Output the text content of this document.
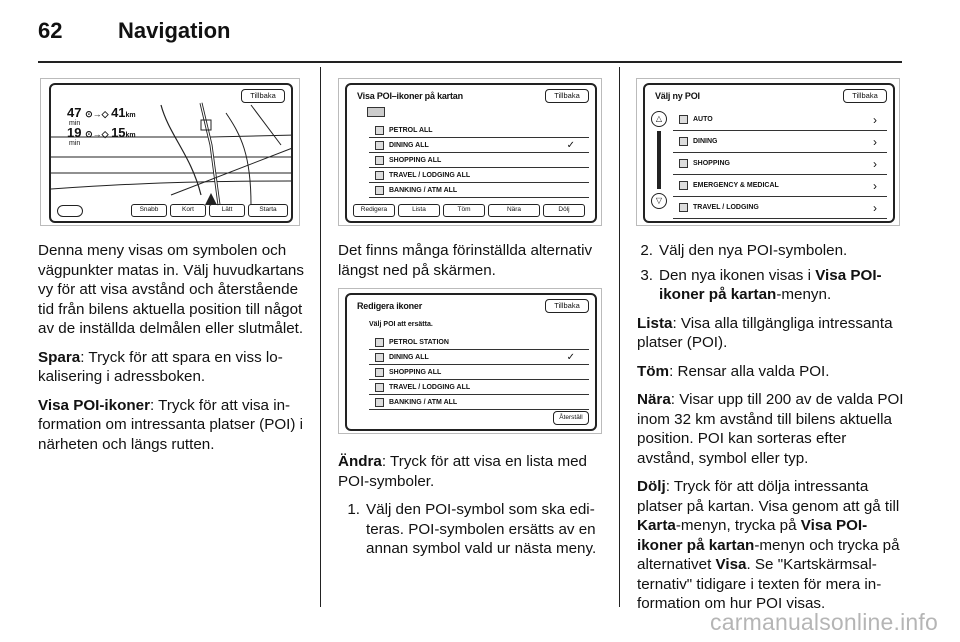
62	Navigation
Tillbaka
47 ⊙→◇ 41km
min
19 ⊙→◇ 15km
min
Snabb	Kort	Lätt	Starta

Denna meny visas om symbolen och vägpunkter matas in. Välj huvudkartans vy för att visa avstånd och återstående tid från bilens aktuella position till något av de inställda delmålen eller slutmålet.

Spara: Tryck för att spara en viss lokalisering i adressboken.

Visa POI-ikoner: Tryck för att visa information om intressanta platser (POI) i närheten och längs rutten.

Visa POI–ikoner på kartan	Tillbaka
PETROL ALL
DINING ALL	✓
SHOPPING ALL
TRAVEL / LODGING ALL
BANKING / ATM ALL
Redigera	Lista	Töm	Nära	Dölj

Det finns många förinställda alternativ längst ned på skärmen.

Redigera ikoner
Välj POI att ersätta.
Tillbaka
PETROL STATION
DINING ALL	✓
SHOPPING ALL
TRAVEL / LODGING ALL
BANKING / ATM ALL
Återställ

Ändra: Tryck för att visa en lista med POI-symboler.

1. Välj den POI-symbol som ska editeras. POI-symbolen ersätts av en annan symbol vald ur nästa meny.
Välj ny POI	Tillbaka
△
▽
AUTO	›
DINING	›
SHOPPING	›
EMERGENCY & MEDICAL	›
TRAVEL / LODGING	›
2. Välj den nya POI-symbolen.
3. Den nya ikonen visas i Visa POI-ikoner på kartan-menyn.

Lista: Visa alla tillgängliga intressanta platser (POI).

Töm: Rensar alla valda POI.

Nära: Visar upp till 200 av de valda POI inom 32 km avstånd till bilens aktuella position. POI kan sorteras efter avstånd, symbol eller typ.

Dölj: Tryck för att dölja intressanta platser på kartan. Visa genom att gå till Karta-menyn, trycka på Visa POI-ikoner på kartan-menyn och trycka på alternativet Visa. Se "Kartskärmsalternativ" tidigare i texten för mera information om hur POI visas.

carmanualsonline.info
